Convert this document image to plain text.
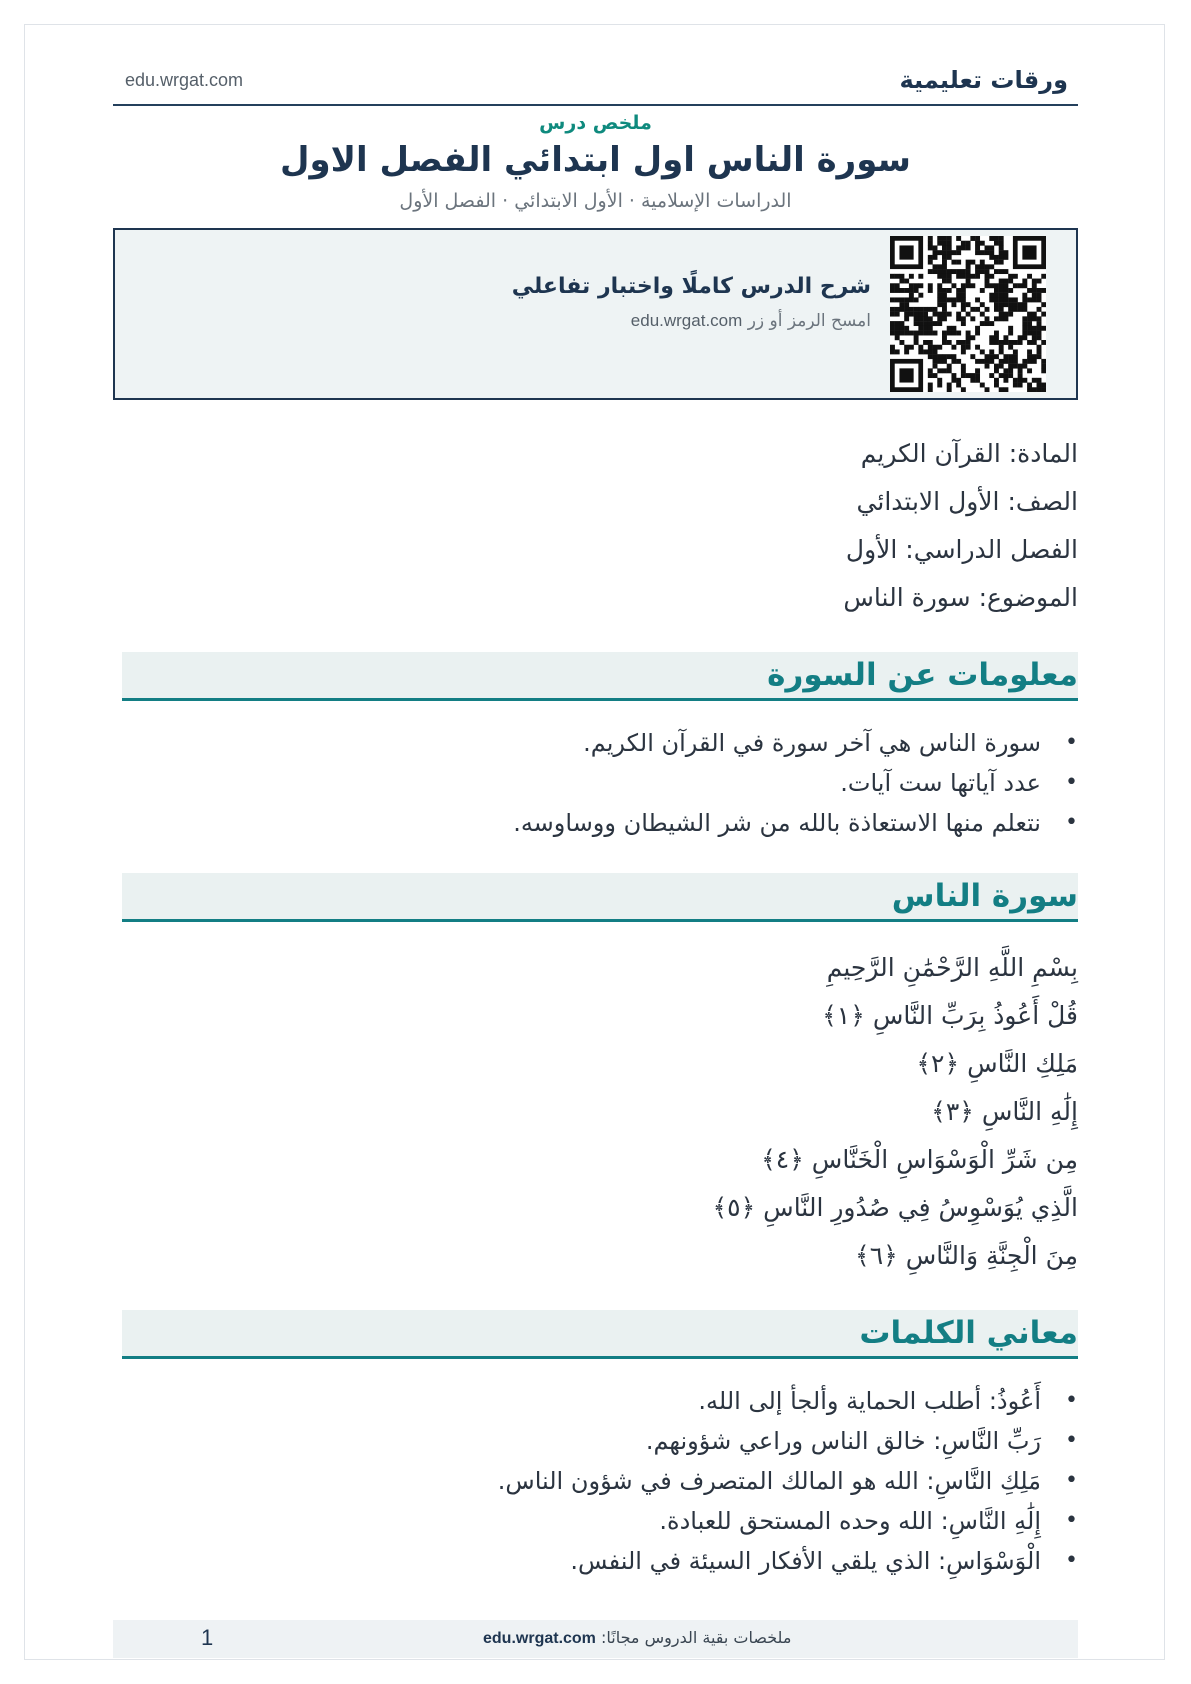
edu.wrgat.com	ورقات تعليمية
ملخص درس
سورة الناس اول ابتدائي الفصل الاول
الدراسات الإسلامية · الأول الابتدائي · الفصل الأول
شرح الدرس كاملًا واختبار تفاعلي
امسح الرمز أو زر edu.wrgat.com
المادة: القرآن الكريم
الصف: الأول الابتدائي
الفصل الدراسي: الأول
الموضوع: سورة الناس
معلومات عن السورة
• سورة الناس هي آخر سورة في القرآن الكريم.
• عدد آياتها ست آيات.
• نتعلم منها الاستعاذة بالله من شر الشيطان ووساوسه.
سورة الناس
بِسْمِ اللَّهِ الرَّحْمَٰنِ الرَّحِيمِ
قُلْ أَعُوذُ بِرَبِّ النَّاسِ ﴿١﴾
مَلِكِ النَّاسِ ﴿٢﴾
إِلَٰهِ النَّاسِ ﴿٣﴾
مِن شَرِّ الْوَسْوَاسِ الْخَنَّاسِ ﴿٤﴾
الَّذِي يُوَسْوِسُ فِي صُدُورِ النَّاسِ ﴿٥﴾
مِنَ الْجِنَّةِ وَالنَّاسِ ﴿٦﴾
معاني الكلمات
• أَعُوذُ: أطلب الحماية وألجأ إلى الله.
• رَبِّ النَّاسِ: خالق الناس وراعي شؤونهم.
• مَلِكِ النَّاسِ: الله هو المالك المتصرف في شؤون الناس.
• إِلَٰهِ النَّاسِ: الله وحده المستحق للعبادة.
• الْوَسْوَاسِ: الذي يلقي الأفكار السيئة في النفس.
ملخصات بقية الدروس مجانًا: edu.wrgat.com
1
